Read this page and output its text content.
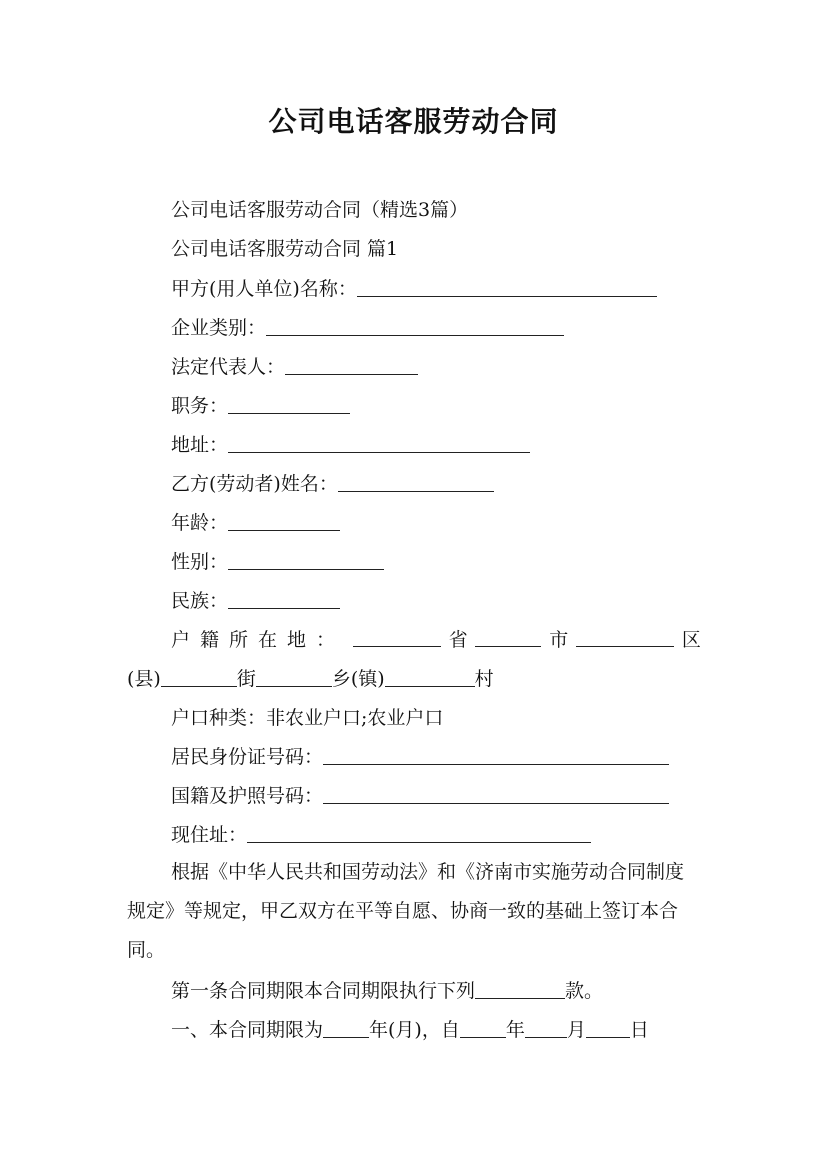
公司电话客服劳动合同
公司电话客服劳动合同（精选3篇）
公司电话客服劳动合同 篇1
甲方(用人单位)名称：
企业类别：
法定代表人：
职务：
地址：
乙方(劳动者)姓名：
年龄：
性别：
民族：
户籍所在地：	省	市	区
(县)	街	乡(镇)	村
户口种类：非农业户口;农业户口
居民身份证号码：
国籍及护照号码：
现住址：
根据《中华人民共和国劳动法》和《济南市实施劳动合同制度规定》等规定，甲乙双方在平等自愿、协商一致的基础上签订本合同。
第一条合同期限本合同期限执行下列	款。
一、本合同期限为 年(月)，自 年 月 日
